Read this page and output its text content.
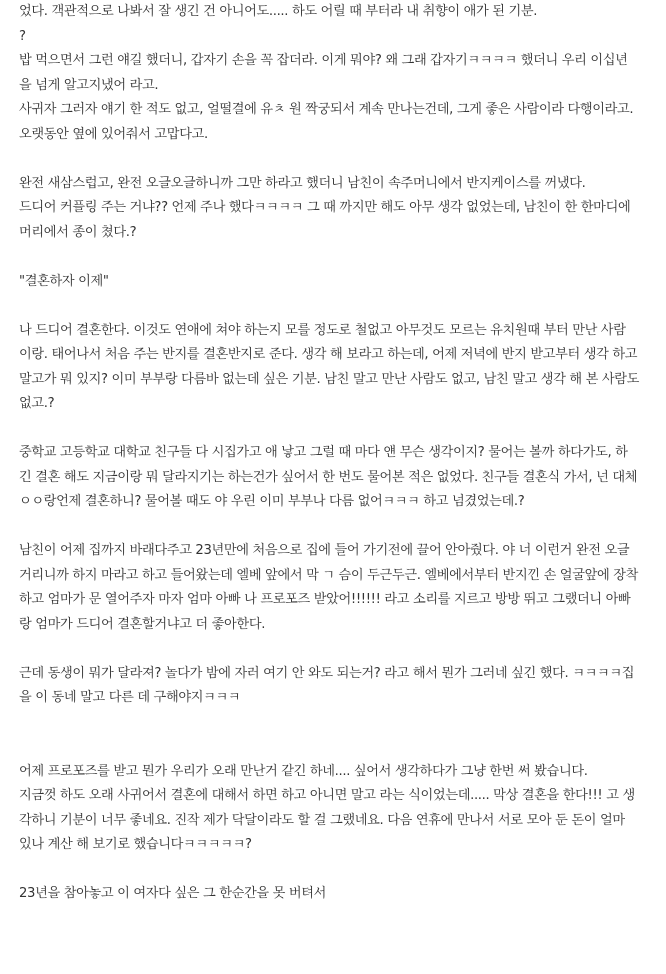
었다. 객관적으로 나봐서 잘 생긴 건 아니어도..... 하도 어릴 때 부터라 내 취향이 애가 된 기분.
?
밥 먹으면서 그런 얘길 했더니, 갑자기 손을 꼭 잡더라. 이게 뭐야? 왜 그래 갑자기ㅋㅋㅋㅋ 했더니 우리 이십년
을 넘게 알고지냈어 라고.
사귀자 그러자 얘기 한 적도 없고, 얼떨결에 유ㅊ 원 짝궁되서 계속 만나는건데, 그게 좋은 사람이라 다행이라고.
오랫동안 옆에 있어줘서 고맙다고.
완전 새삼스럽고, 완전 오글오글하니까 그만 하라고 했더니 남친이 속주머니에서 반지케이스를 꺼냈다.
드디어 커플링 주는 거냐?? 언제 주나 했다ㅋㅋㅋㅋ 그 때 까지만 해도 아무 생각 없었는데, 남친이 한 한마디에
머리에서 종이 쳤다.?
"결혼하자 이제"
나 드디어 결혼한다. 이것도 연애에 쳐야 하는지 모를 정도로 철없고 아무것도 모르는 유치원때 부터 만난 사람
이랑. 태어나서 처음 주는 반지를 결혼반지로 준다. 생각 해 보라고 하는데, 어제 저녁에 반지 받고부터 생각 하고
말고가 뭐 있지? 이미 부부랑 다름바 없는데 싶은 기분. 남친 말고 만난 사람도 없고, 남친 말고 생각 해 본 사람도
없고.?
중학교 고등학교 대학교 친구들 다 시집가고 애 낳고 그럴 때 마다 얜 무슨 생각이지? 물어는 볼까 하다가도, 하
긴 결혼 해도 지금이랑 뭐 달라지기는 하는건가 싶어서 한 번도 물어본 적은 없었다. 친구들 결혼식 가서, 넌 대체
ㅇㅇ랑언제 결혼하니? 물어볼 때도 야 우린 이미 부부나 다름 없어ㅋㅋㅋ 하고 넘겼었는데.?
남친이 어제 집까지 바래다주고 23년만에 처음으로 집에 들어 가기전에 끌어 안아줬다. 야 너 이런거 완전 오글
거리니까 하지 마라고 하고 들어왔는데 엘베 앞에서 막 ㄱ 슴이 두근두근. 엘베에서부터 반지낀 손 얼굴앞에 장착
하고 엄마가 문 열어주자 마자 엄마 아빠 나 프로포즈 받았어!!!!!! 라고 소리를 지르고 방방 뛰고 그랬더니 아빠
랑 엄마가 드디어 결혼할거냐고 더 좋아한다.
근데 동생이 뭐가 달라져? 놀다가 밤에 자러 여기 안 와도 되는거? 라고 해서 뭔가 그러네 싶긴 했다. ㅋㅋㅋㅋ집
을 이 동네 말고 다른 데 구해야지ㅋㅋㅋ
어제 프로포즈를 받고 뭔가 우리가 오래 만난거 같긴 하네.... 싶어서 생각하다가 그냥 한번 써 봤습니다.
지금껏 하도 오래 사귀어서 결혼에 대해서 하면 하고 아니면 말고 라는 식이었는데..... 막상 결혼을 한다!!! 고 생
각하니 기분이 너무 좋네요. 진작 제가 닥달이라도 할 걸 그랬네요. 다음 연휴에 만나서 서로 모아 둔 돈이 얼마
있나 계산 해 보기로 했습니다ㅋㅋㅋㅋㅋ?
23년을 참아놓고 이 여자다 싶은 그 한순간을 못 버텨서
